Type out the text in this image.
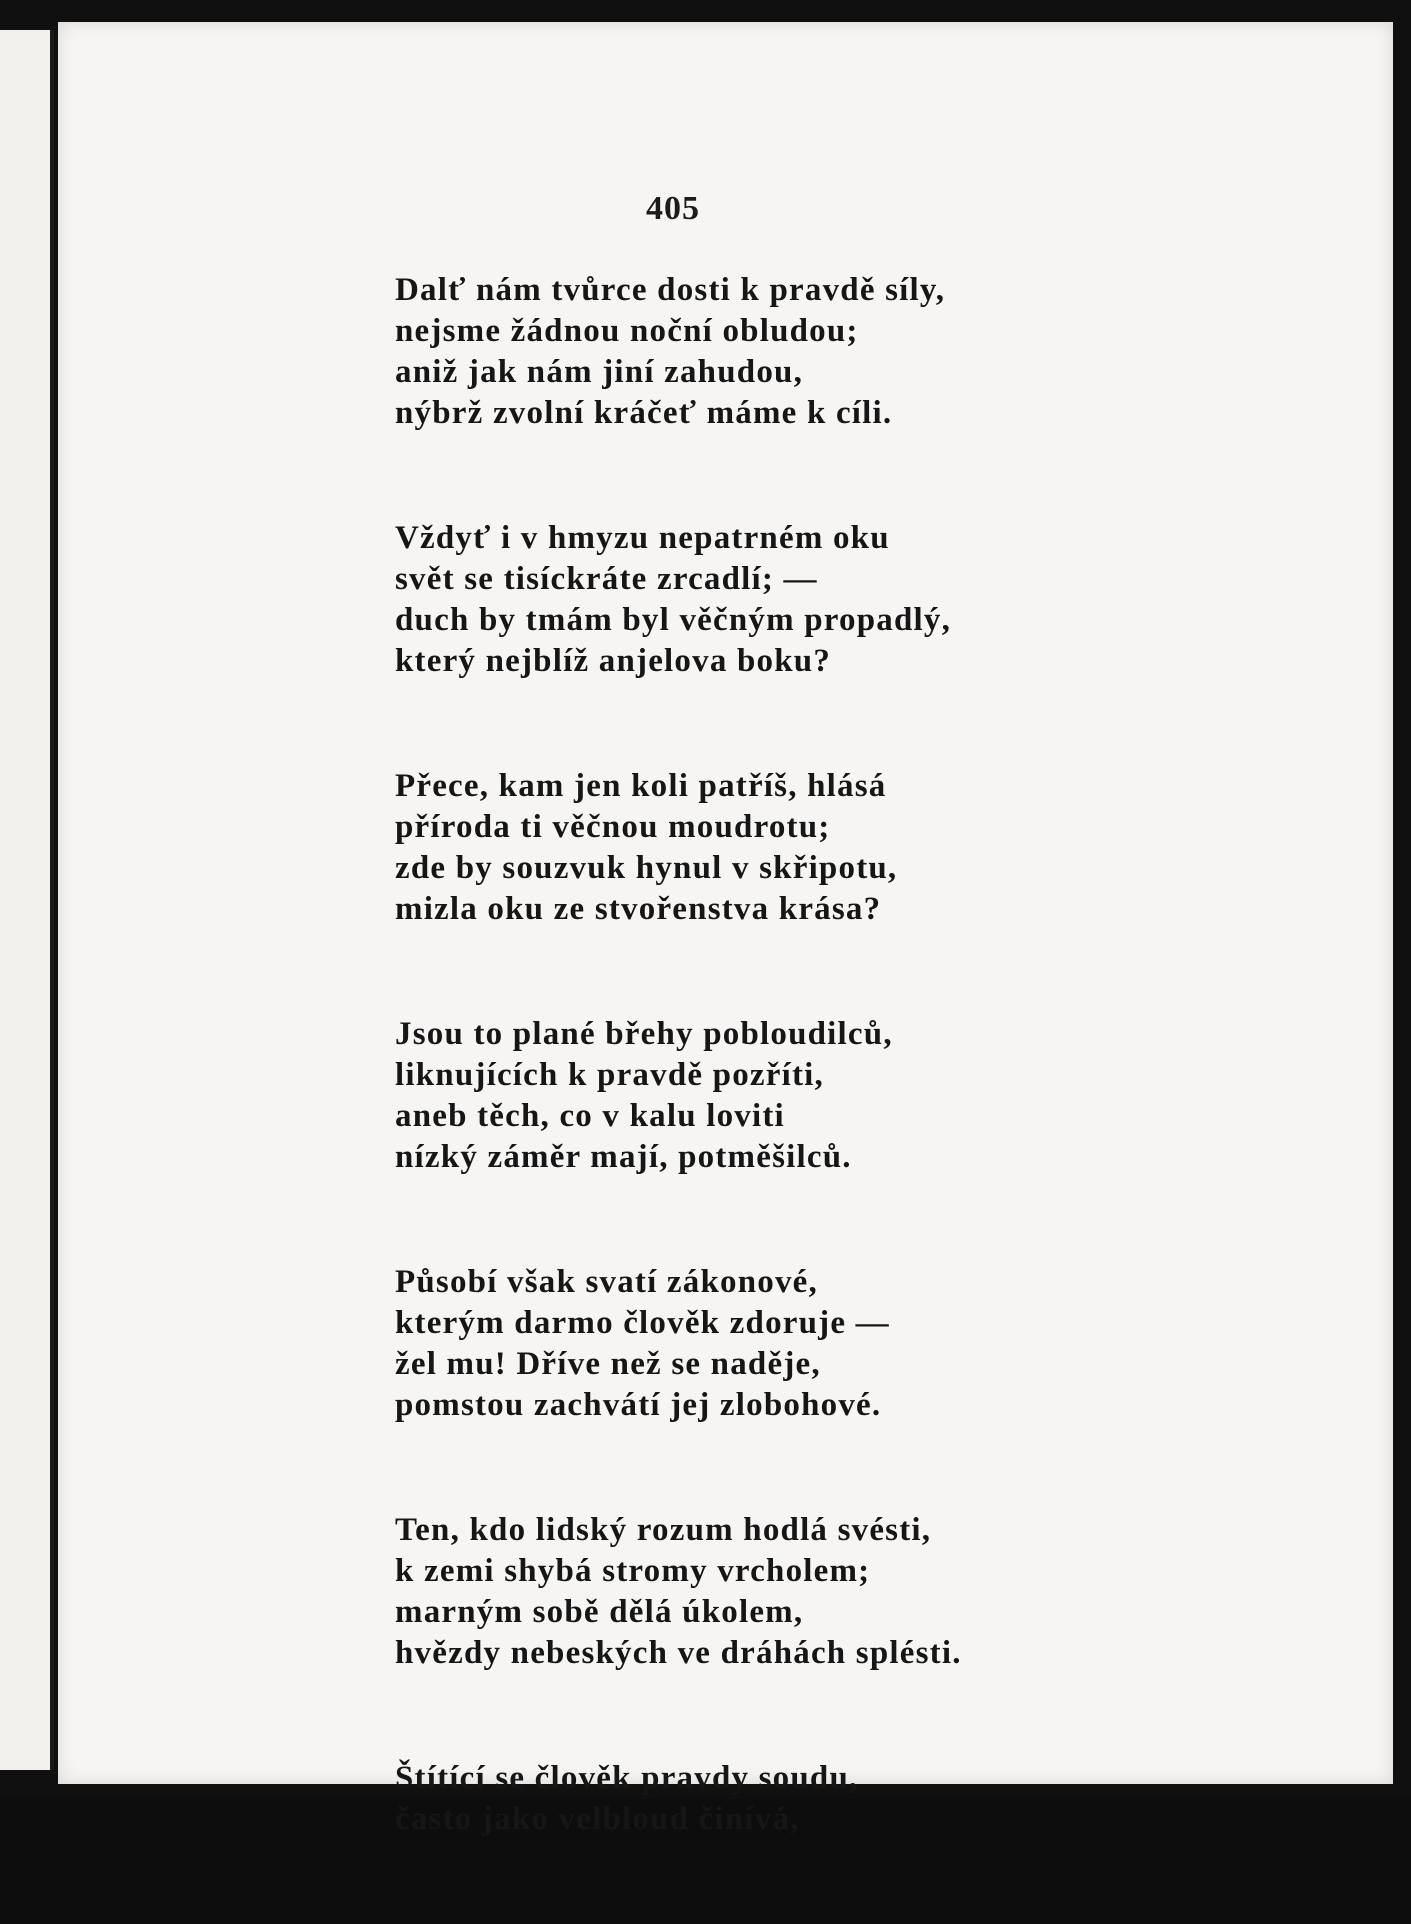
405
Dalť nám tvůrce dosti k pravdě síly,
nejsme žádnou noční obludou;
aniž jak nám jiní zahudou,
nýbrž zvolní kráčeť máme k cíli.
Vždyť i v hmyzu nepatrném oku
svět se tisíckráte zrcadlí; —
duch by tmám byl věčným propadlý,
který nejblíž anjelova boku?
Přece, kam jen koli patříš, hlásá
příroda ti věčnou moudrotu;
zde by souzvuk hynul v skřipotu,
mizla oku ze stvořenstva krása?
Jsou to plané břehy pobloudilců,
liknujících k pravdě pozříti,
aneb těch, co v kalu loviti
nízký záměr mají, potměšilců.
Působí však svatí zákonové,
kterým darmo člověk zdoruje —
žel mu! Dříve než se naděje,
pomstou zachvátí jej zlobohové.
Ten, kdo lidský rozum hodlá svésti,
k zemi shybá stromy vrcholem;
marným sobě dělá úkolem,
hvězdy nebeských ve dráhách splésti.
Štítící se člověk pravdy soudu,
často jako velbloud činívá,
